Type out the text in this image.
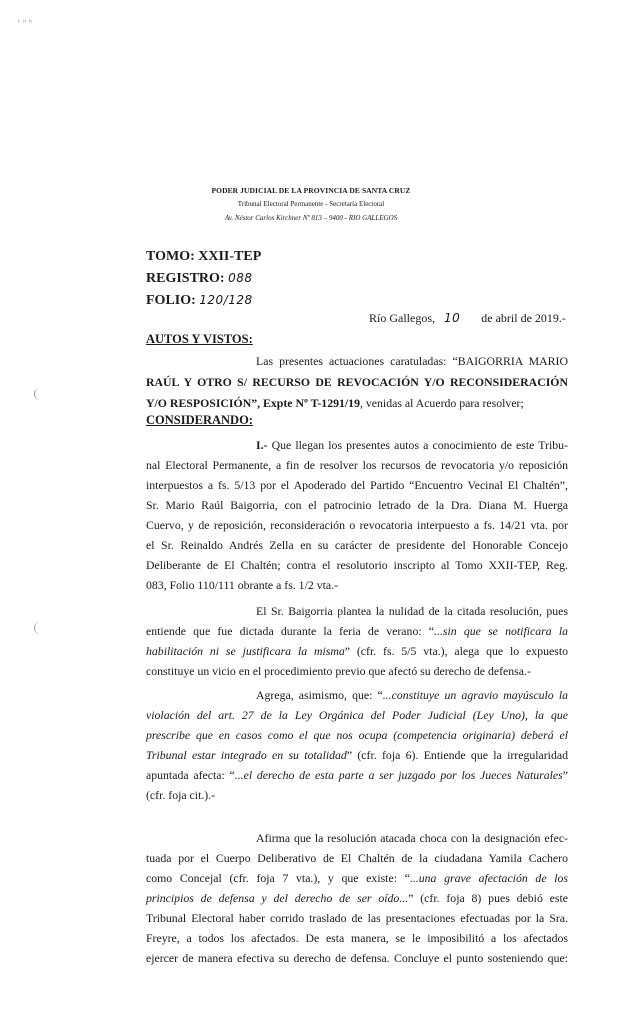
ᵗ ⁿ ʰ
PODER JUDICIAL DE LA PROVINCIA DE SANTA CRUZ
Tribunal Electoral Permanente - Secretaría Electoral
Av. Néstor Carlos Kirchner Nº 813 – 9400 - RIO GALLEGOS
TOMO: XXII-TEP
REGISTRO: 088
FOLIO: 120/128
Río Gallegos, 10 de abril de 2019.-
AUTOS Y VISTOS:
Las presentes actuaciones caratuladas: “BAIGORRIA MARIO
RAÚL Y OTRO S/ RECURSO DE REVOCACIÓN Y/O RECONSIDERACIÓN
Y/O RESPOSICIÓN”, Expte Nº T-1291/19, venidas al Acuerdo para resolver;
CONSIDERANDO:
I.- Que llegan los presentes autos a conocimiento de este Tribu-
nal Electoral Permanente, a fin de resolver los recursos de revocatoria y/o reposición
interpuestos a fs. 5/13 por el Apoderado del Partido “Encuentro Vecinal El Chaltén”,
Sr. Mario Raúl Baigorria, con el patrocinio letrado de la Dra. Diana M. Huerga
Cuervo, y de reposición, reconsideración o revocatoria interpuesto a fs. 14/21 vta. por
el Sr. Reinaldo Andrés Zella en su carácter de presidente del Honorable Concejo
Deliberante de El Chaltén; contra el resolutorio inscripto al Tomo XXII-TEP, Reg.
083, Folio 110/111 obrante a fs. 1/2 vta.-
El Sr. Baigorria plantea la nulidad de la citada resolución, pues
entiende que fue dictada durante la feria de verano: “...sin que se notificara la
habilitación ni se justificara la misma” (cfr. fs. 5/5 vta.), alega que lo expuesto
constituye un vicio en el procedimiento previo que afectó su derecho de defensa.-
Agrega, asimismo, que: “...constituye un agravio mayúsculo la
violación del art. 27 de la Ley Orgánica del Poder Judicial (Ley Uno), la que
prescribe que en casos como el que nos ocupa (competencia originaria) deberá el
Tribunal estar integrado en su totalidad” (cfr. foja 6). Entiende que la irregularidad
apuntada afecta: “...el derecho de esta parte a ser juzgado por los Jueces Naturales”
(cfr. foja cit.).-
Afirma que la resolución atacada choca con la designación efec-
tuada por el Cuerpo Deliberativo de El Chaltén de la ciudadana Yamila Cachero
como Concejal (cfr. foja 7 vta.), y que existe: “...una grave afectación de los
principios de defensa y del derecho de ser oído...” (cfr. foja 8) pues debió este
Tribunal Electoral haber corrido traslado de las presentaciones efectuadas por la Sra.
Freyre, a todos los afectados. De esta manera, se le imposibilitó a los afectados
ejercer de manera efectiva su derecho de defensa. Concluye el punto sosteniendo que:
